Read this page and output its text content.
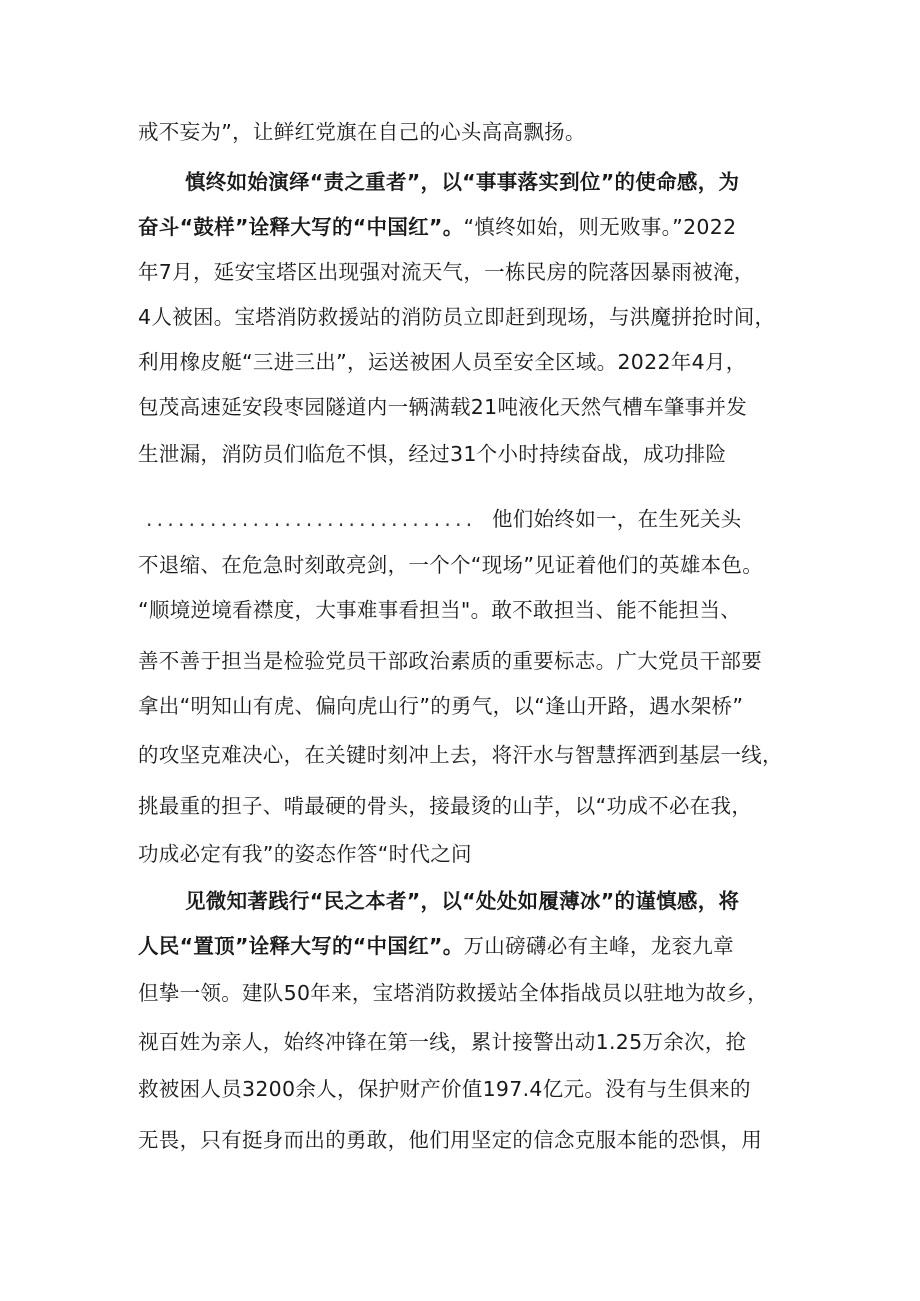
戒不妄为”，让鲜红党旗在自己的心头高高飘扬。
慎终如始演绎“责之重者”，以“事事落实到位”的使命感，为
奋斗“鼓样”诠释大写的“中国红”。“慎终如始，则无败事。”2022
年7月，延安宝塔区出现强对流天气，一栋民房的院落因暴雨被淹，
4人被困。宝塔消防救援站的消防员立即赶到现场，与洪魔拼抢时间，
利用橡皮艇“三进三出”，运送被困人员至安全区域。2022年4月，
包茂高速延安段枣园隧道内一辆满载21吨液化天然气槽车肇事并发
生泄漏，消防员们临危不惧，经过31个小时持续奋战，成功排险
............................... 他们始终如一，在生死关头
不退缩、在危急时刻敢亮剑，一个个“现场”见证着他们的英雄本色。
“顺境逆境看襟度，大事难事看担当"。敢不敢担当、能不能担当、
善不善于担当是检验党员干部政治素质的重要标志。广大党员干部要
拿出“明知山有虎、偏向虎山行”的勇气，以“逢山开路，遇水架桥”
的攻坚克难决心，在关键时刻冲上去，将汗水与智慧挥洒到基层一线，
挑最重的担子、啃最硬的骨头，接最烫的山芋，以“功成不必在我，
功成必定有我”的姿态作答“时代之问
见微知著践行“民之本者”，以“处处如履薄冰”的谨慎感，将
人民“置顶”诠释大写的“中国红”。万山磅礴必有主峰，龙衮九章
但挚一领。建队50年来，宝塔消防救援站全体指战员以驻地为故乡，
视百姓为亲人，始终冲锋在第一线，累计接警出动1.25万余次，抢
救被困人员3200余人，保护财产价值197.4亿元。没有与生俱来的
无畏，只有挺身而出的勇敢，他们用坚定的信念克服本能的恐惧，用
